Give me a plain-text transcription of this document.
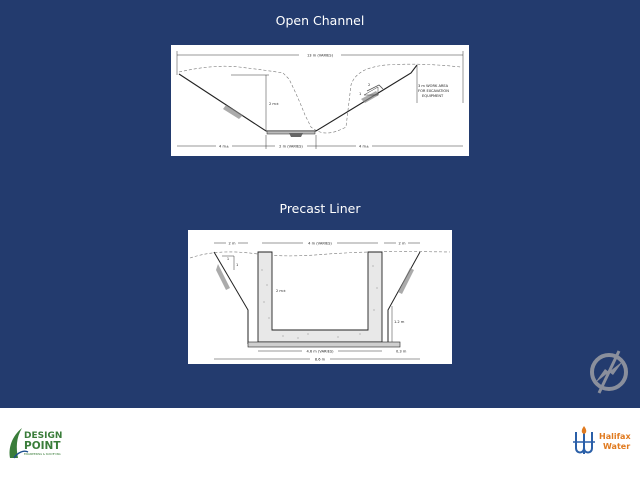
Open Channel
13 m (VARIES)
2 m±
2
1
3 m WORK AREA
FOR EXCAVATION
EQUIPMENT
4 m±	2 m (VARIES)	4 m±
Precast Liner
2 m	4 m (VARIES)	2 m
1
1
2 m±
1.2 m
4.6 m (VARIES)	0.3 m
8.6 m
DESIGN
POINT
ENGINEERING & SURVEYING
Halifax
Water
